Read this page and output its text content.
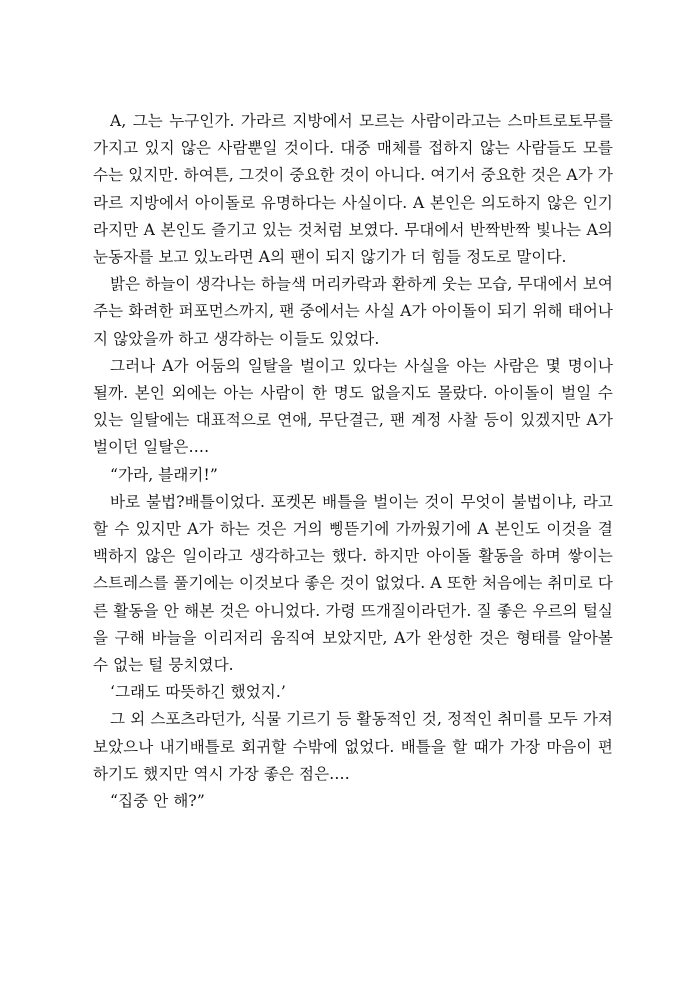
A, 그는 누구인가. 가라르 지방에서 모르는 사람이라고는 스마트로토무를 가지고 있지 않은 사람뿐일 것이다. 대중 매체를 접하지 않는 사람들도 모를 수는 있지만. 하여튼, 그것이 중요한 것이 아니다. 여기서 중요한 것은 A가 가라르 지방에서 아이돌로 유명하다는 사실이다. A 본인은 의도하지 않은 인기라지만 A 본인도 즐기고 있는 것처럼 보였다. 무대에서 반짝반짝 빛나는 A의 눈동자를 보고 있노라면 A의 팬이 되지 않기가 더 힘들 정도로 말이다.

밝은 하늘이 생각나는 하늘색 머리카락과 환하게 웃는 모습, 무대에서 보여주는 화려한 퍼포먼스까지, 팬 중에서는 사실 A가 아이돌이 되기 위해 태어나지 않았을까 하고 생각하는 이들도 있었다.

그러나 A가 어둠의 일탈을 벌이고 있다는 사실을 아는 사람은 몇 명이나 될까. 본인 외에는 아는 사람이 한 명도 없을지도 몰랐다. 아이돌이 벌일 수 있는 일탈에는 대표적으로 연애, 무단결근, 팬 계정 사찰 등이 있겠지만 A가 벌이던 일탈은….

“가라, 블래키!”

바로 불법?배틀이었다. 포켓몬 배틀을 벌이는 것이 무엇이 불법이냐, 라고 할 수 있지만 A가 하는 것은 거의 삥뜯기에 가까웠기에 A 본인도 이것을 결백하지 않은 일이라고 생각하고는 했다. 하지만 아이돌 활동을 하며 쌓이는 스트레스를 풀기에는 이것보다 좋은 것이 없었다. A 또한 처음에는 취미로 다른 활동을 안 해본 것은 아니었다. 가령 뜨개질이라던가. 질 좋은 우르의 털실을 구해 바늘을 이리저리 움직여 보았지만, A가 완성한 것은 형태를 알아볼 수 없는 털 뭉치였다.

‘그래도 따뜻하긴 했었지.’

그 외 스포츠라던가, 식물 기르기 등 활동적인 것, 정적인 취미를 모두 가져보았으나 내기배틀로 회귀할 수밖에 없었다. 배틀을 할 때가 가장 마음이 편하기도 했지만 역시 가장 좋은 점은….

“집중 안 해?”
